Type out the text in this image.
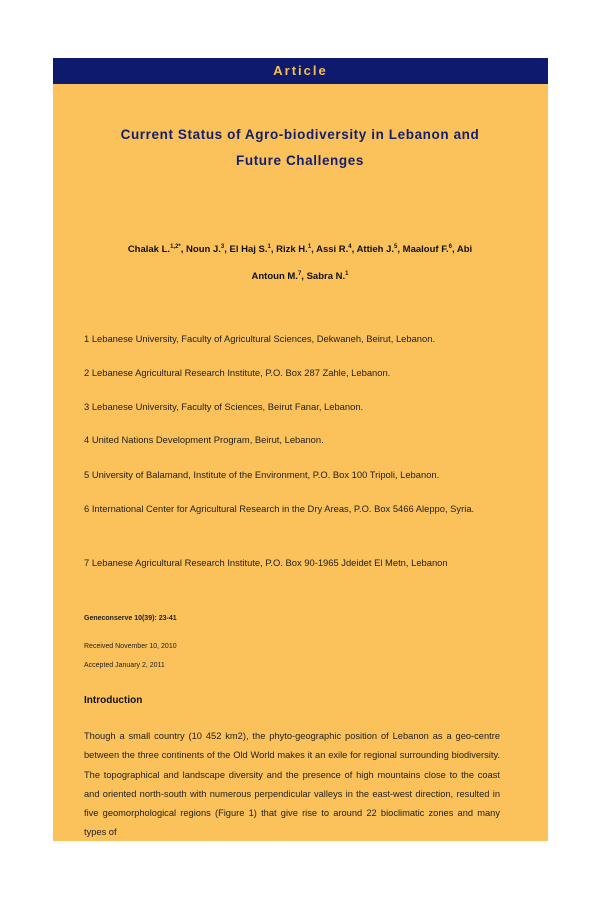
Article
Current Status of Agro-biodiversity in Lebanon and
Future Challenges
Chalak L.$^{1,2*}$, Noun J.$^3$, El Haj S.$^1$, Rizk H.$^1$, Assi R.$^4$, Attieh J.$^5$, Maalouf F.$^6$, Abi
Antoun M.$^7$, Sabra N.$^1$
1 Lebanese University, Faculty of Agricultural Sciences, Dekwaneh, Beirut, Lebanon.
2 Lebanese Agricultural Research Institute, P.O. Box 287 Zahle, Lebanon.
3 Lebanese University, Faculty of Sciences, Beirut Fanar, Lebanon.
4 United Nations Development Program, Beirut, Lebanon.
5 University of Balamand, Institute of the Environment, P.O. Box 100 Tripoli, Lebanon.
6 International Center for Agricultural Research in the Dry Areas, P.O. Box 5466 Aleppo, Syria.
7 Lebanese Agricultural Research Institute, P.O. Box 90-1965 Jdeidet El Metn, Lebanon
Geneconserve 10(39): 23-41
Received November 10, 2010
Accepted January 2, 2011
Introduction
Though a small country (10 452 km2), the phyto-geographic position of Lebanon as a geo-centre between the three continents of the Old World makes it an exile for regional surrounding biodiversity. The topographical and landscape diversity and the presence of high mountains close to the coast and oriented north-south with numerous perpendicular valleys in the east-west direction, resulted in five geomorphological regions (Figure 1) that give rise to around 22 bioclimatic zones and many types of
